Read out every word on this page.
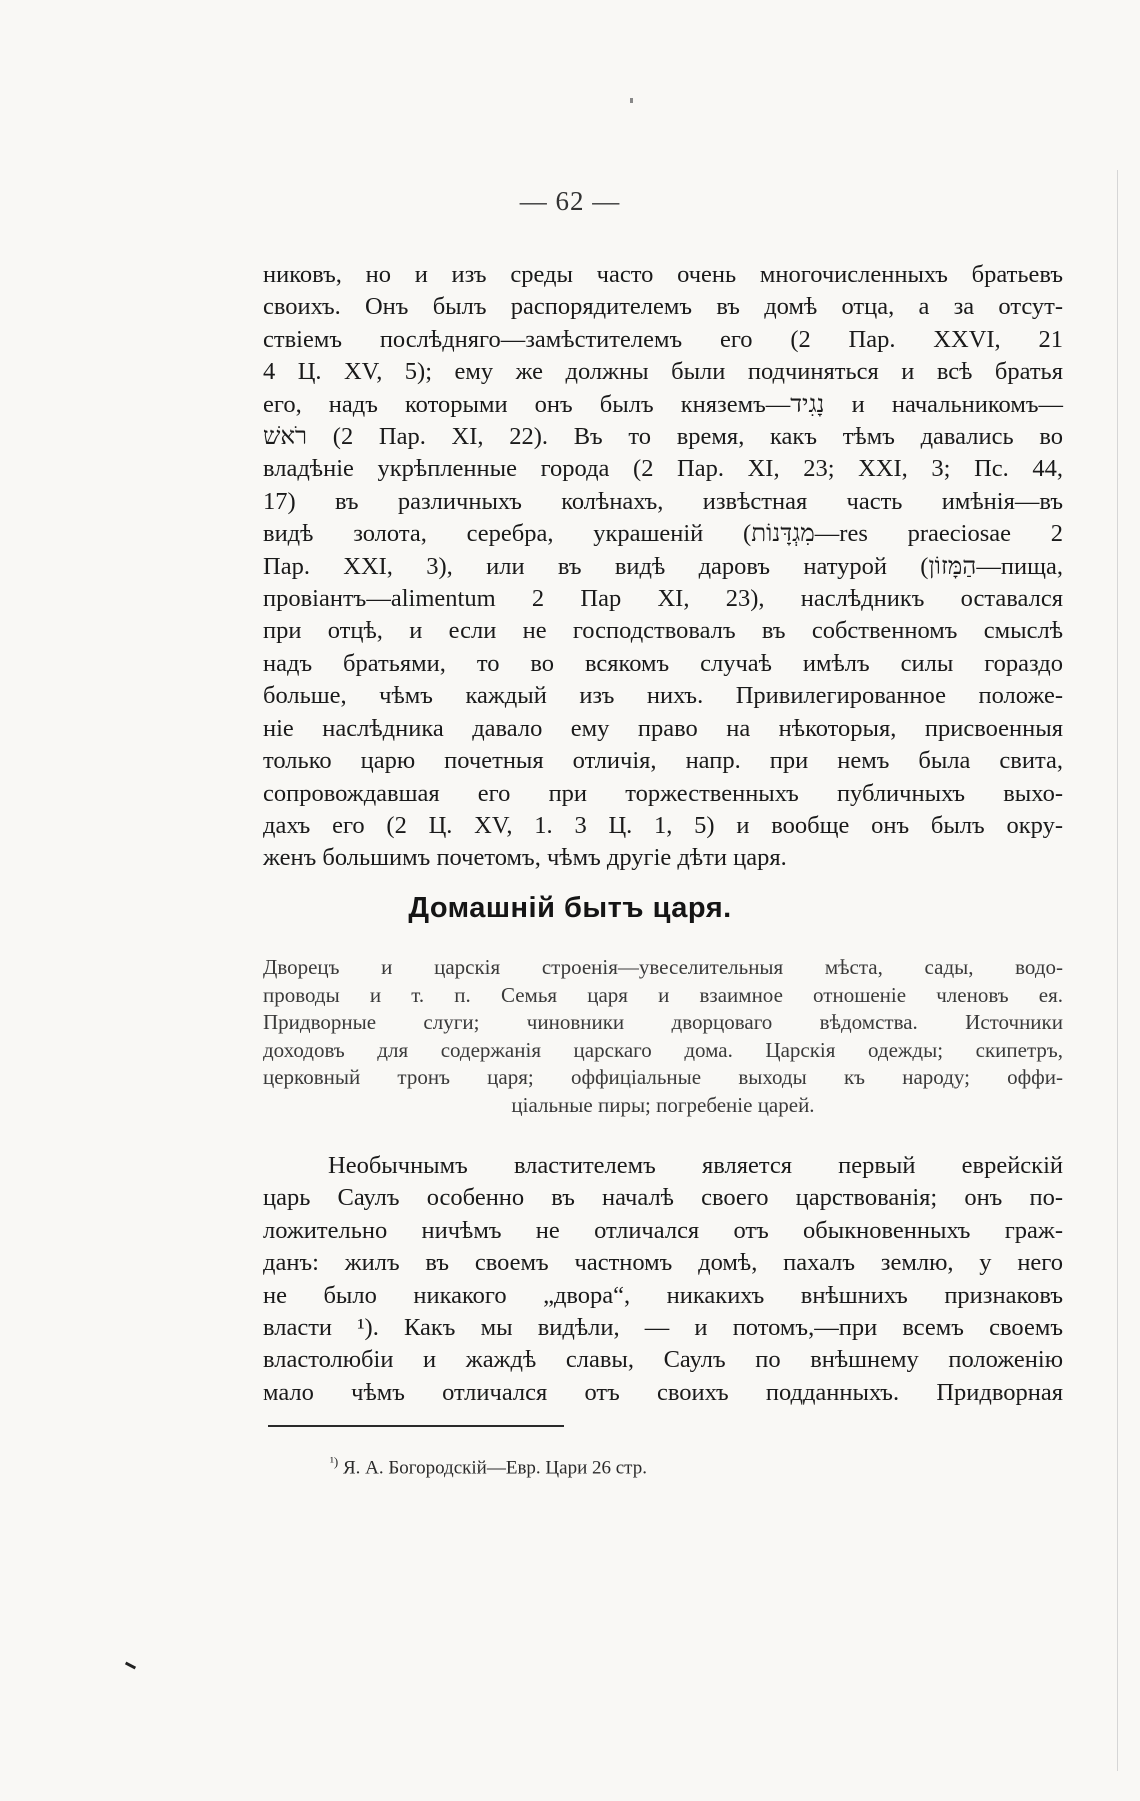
— 62 —
никовъ, но и изъ среды часто очень многочисленныхъ братьевъ
своихъ. Онъ былъ распорядителемъ въ домѣ отца, а за отсут-
ствіемъ послѣдняго—замѣстителемъ его (2 Пар. XXVI, 21
4 Ц. XV, 5); ему же должны были подчиняться и всѣ братья
его, надъ которыми онъ былъ княземъ—נָגִיד и начальникомъ—
רֹאשׁ (2 Пар. XI, 22). Въ то время, какъ тѣмъ давались во
владѣніе укрѣпленные города (2 Пар. XI, 23; XXI, 3; Пс. 44,
17) въ различныхъ колѣнахъ, извѣстная часть имѣнія—въ
видѣ золота, серебра, украшеній (מִגְדָּנוֹת—res praeciosae 2
Пар. XXI, 3), или въ видѣ даровъ натурой (הַמָּזוֹן—пища,
провіантъ—alimentum 2 Пар XI, 23), наслѣдникъ оставался
при отцѣ, и если не господствовалъ въ собственномъ смыслѣ
надъ братьями, то во всякомъ случаѣ имѣлъ силы гораздо
больше, чѣмъ каждый изъ нихъ. Привилегированное положе-
ніе наслѣдника давало ему право на нѣкоторыя, присвоенныя
только царю почетныя отличія, напр. при немъ была свита,
сопровождавшая его при торжественныхъ публичныхъ выхо-
дахъ его (2 Ц. XV, 1. 3 Ц. 1, 5) и вообще онъ былъ окру-
женъ большимъ почетомъ, чѣмъ другіе дѣти царя.
Домашній бытъ царя.
Дворецъ и царскія строенія—увеселительныя мѣста, сады, водо-
проводы и т. п. Семья царя и взаимное отношеніе членовъ ея.
Придворные слуги; чиновники дворцоваго вѣдомства. Источники
доходовъ для содержанія царскаго дома. Царскія одежды; скипетръ,
церковный тронъ царя; оффиціальные выходы къ народу; оффи-
ціальные пиры; погребеніе царей.
Необычнымъ властителемъ является первый еврейскій
царь Саулъ особенно въ началѣ своего царствованія; онъ по-
ложительно ничѣмъ не отличался отъ обыкновенныхъ граж-
данъ: жилъ въ своемъ частномъ домѣ, пахалъ землю, у него
не было никакого „двора“, никакихъ внѣшнихъ признаковъ
власти ¹). Какъ мы видѣли, — и потомъ,—при всемъ своемъ
властолюбіи и жаждѣ славы, Саулъ по внѣшнему положенію
мало чѣмъ отличался отъ своихъ подданныхъ. Придворная

$^{^1)}$ Я. А. Богородскій—Евр. Цари 26 стр.
